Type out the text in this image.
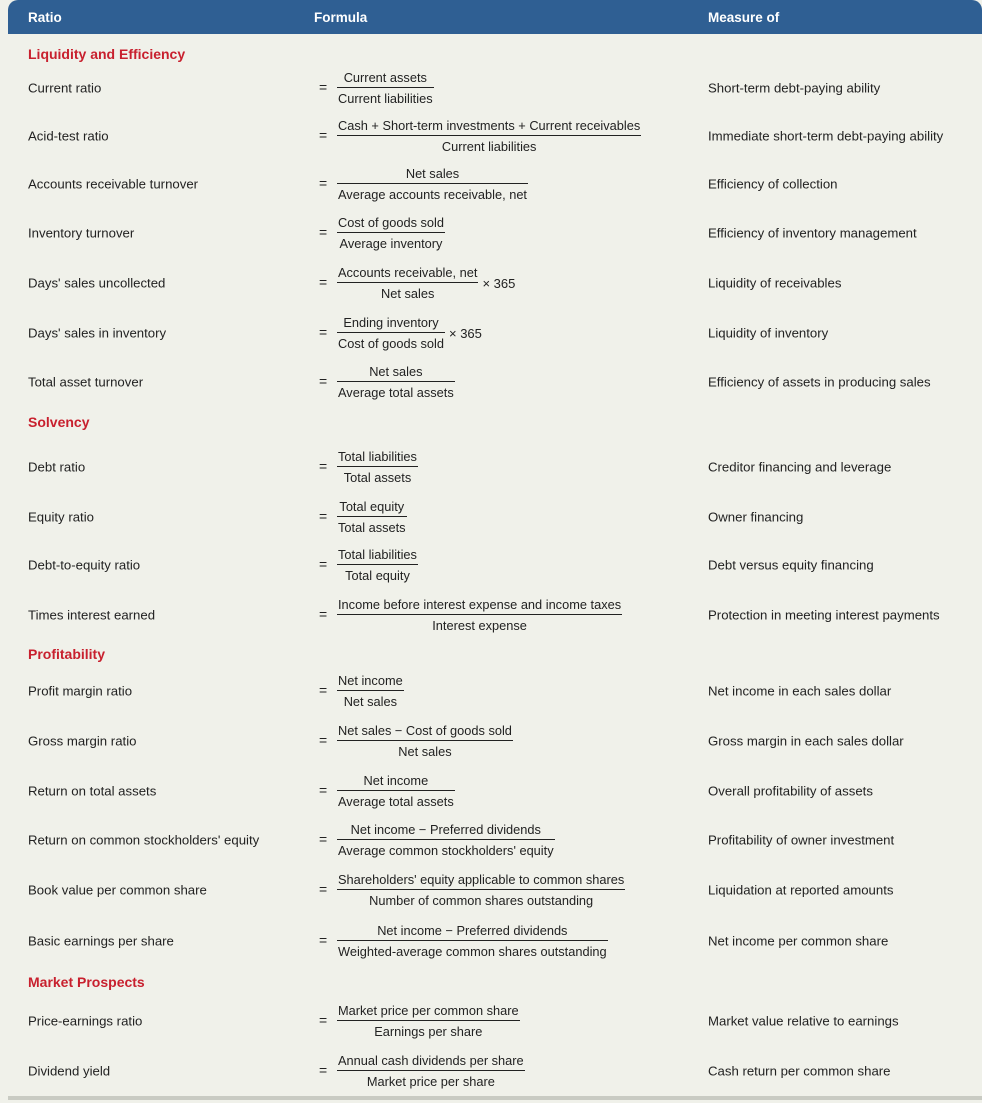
Ratio	Formula	Measure of
Liquidity and Efficiency
Current ratio	= $\frac{\text{Current assets}}{\text{Current liabilities}}$	Short-term debt-paying ability
Acid-test ratio	= $\frac{\text{Cash + Short-term investments + Current receivables}}{\text{Current liabilities}}$	Immediate short-term debt-paying ability
Accounts receivable turnover	= $\frac{\text{Net sales}}{\text{Average accounts receivable, net}}$	Efficiency of collection
Inventory turnover	= $\frac{\text{Cost of goods sold}}{\text{Average inventory}}$	Efficiency of inventory management
Days' sales uncollected	= $\frac{\text{Accounts receivable, net}}{\text{Net sales}} \times 365$	Liquidity of receivables
Days' sales in inventory	= $\frac{\text{Ending inventory}}{\text{Cost of goods sold}} \times 365$	Liquidity of inventory
Total asset turnover	= $\frac{\text{Net sales}}{\text{Average total assets}}$	Efficiency of assets in producing sales
Solvency
Debt ratio	= $\frac{\text{Total liabilities}}{\text{Total assets}}$	Creditor financing and leverage
Equity ratio	= $\frac{\text{Total equity}}{\text{Total assets}}$	Owner financing
Debt-to-equity ratio	= $\frac{\text{Total liabilities}}{\text{Total equity}}$	Debt versus equity financing
Times interest earned	= $\frac{\text{Income before interest expense and income taxes}}{\text{Interest expense}}$	Protection in meeting interest payments
Profitability
Profit margin ratio	= $\frac{\text{Net income}}{\text{Net sales}}$	Net income in each sales dollar
Gross margin ratio	= $\frac{\text{Net sales − Cost of goods sold}}{\text{Net sales}}$	Gross margin in each sales dollar
Return on total assets	= $\frac{\text{Net income}}{\text{Average total assets}}$	Overall profitability of assets
Return on common stockholders' equity	= $\frac{\text{Net income − Preferred dividends}}{\text{Average common stockholders' equity}}$	Profitability of owner investment
Book value per common share	= $\frac{\text{Shareholders' equity applicable to common shares}}{\text{Number of common shares outstanding}}$	Liquidation at reported amounts
Basic earnings per share	= $\frac{\text{Net income − Preferred dividends}}{\text{Weighted-average common shares outstanding}}$	Net income per common share
Market Prospects
Price-earnings ratio	= $\frac{\text{Market price per common share}}{\text{Earnings per share}}$	Market value relative to earnings
Dividend yield	= $\frac{\text{Annual cash dividends per share}}{\text{Market price per share}}$	Cash return per common share
